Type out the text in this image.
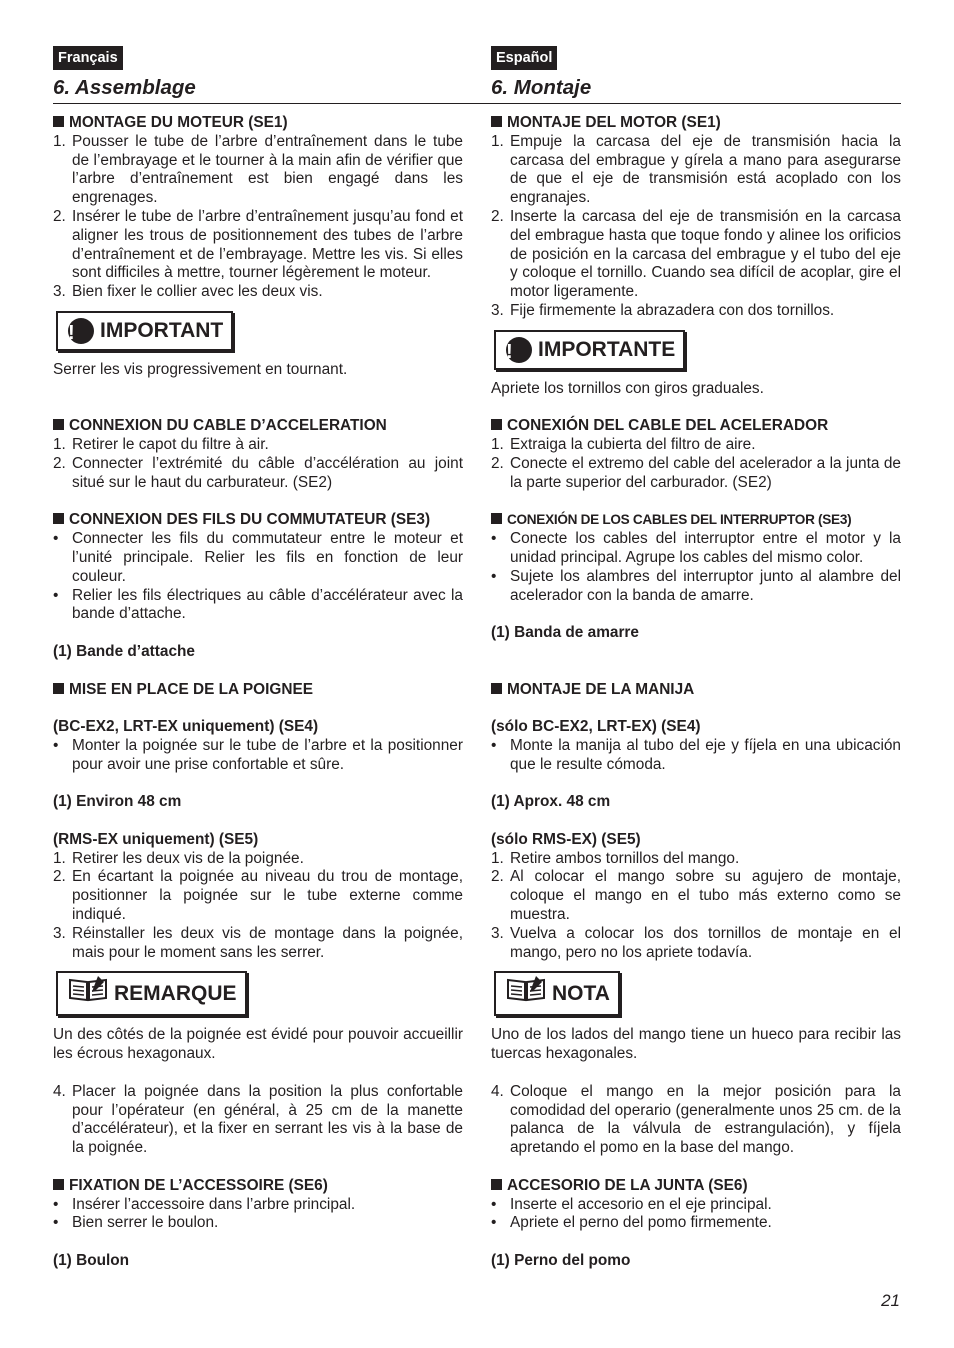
Français
6. Assemblage
MONTAGE DU MOTEUR (SE1)
1. Pousser le tube de l’arbre d’entraînement dans le tube de l’embrayage et le tourner à la main afin de vérifier que l’arbre d’entraînement est bien engagé dans les engrenages.
2. Insérer le tube de l’arbre d’entraînement jusqu’au fond et aligner les trous de positionnement des tubes de l’arbre d’entraînement et de l’embrayage. Mettre les vis. Si elles sont difficiles à mettre, tourner légèrement le moteur.
3. Bien fixer le collier avec les deux vis.
!	IMPORTANT
Serrer les vis progressivement en tournant.
CONNEXION DU CABLE D’ACCELERATION
1. Retirer le capot du filtre à air.
2. Connecter l’extrémité du câble d’accélération au joint situé sur le haut du carburateur. (SE2)
CONNEXION DES FILS DU COMMUTATEUR (SE3)
• Connecter les fils du commutateur entre le moteur et l’unité principale. Relier les fils en fonction de leur couleur.
• Relier les fils électriques au câble d’accélérateur avec la bande d’attache.
(1) Bande d’attache
MISE EN PLACE DE LA POIGNEE
(BC-EX2, LRT-EX uniquement) (SE4)
• Monter la poignée sur le tube de l’arbre et la positionner pour avoir une prise confortable et sûre.
(1) Environ 48 cm
(RMS-EX uniquement) (SE5)
1. Retirer les deux vis de la poignée.
2. En écartant la poignée au niveau du trou de montage, positionner la poignée sur le tube externe comme indiqué.
3. Réinstaller les deux vis de montage dans la poignée, mais pour le moment sans les serrer.
REMARQUE
Un des côtés de la poignée est évidé pour pouvoir accueillir les écrous hexagonaux.
4. Placer la poignée dans la position la plus confortable pour l’opérateur (en général, à 25 cm de la manette d’accélérateur), et la fixer en serrant les vis à la base de la poignée.
FIXATION DE L’ACCESSOIRE (SE6)
• Insérer l’accessoire dans l’arbre principal.
• Bien serrer le boulon.
(1) Boulon
Español
6. Montaje
MONTAJE DEL MOTOR (SE1)
1. Empuje la carcasa del eje de transmisión hacia la carcasa del embrague y gírela a mano para asegurarse de que el eje de transmisión está acoplado con los engranajes.
2. Inserte la carcasa del eje de transmisión en la carcasa del embrague hasta que toque fondo y alinee los orificios de posición en la carcasa del embrague y el tubo del eje y coloque el tornillo. Cuando sea difícil de acoplar, gire el motor ligeramente.
3. Fije firmemente la abrazadera con dos tornillos.
!	IMPORTANTE
Apriete los tornillos con giros graduales.
CONEXIÓN DEL CABLE DEL ACELERADOR
1. Extraiga la cubierta del filtro de aire.
2. Conecte el extremo del cable del acelerador a la junta de la parte superior del carburador. (SE2)
CONEXIÓN DE LOS CABLES DEL INTERRUPTOR (SE3)
• Conecte los cables del interruptor entre el motor y la unidad principal. Agrupe los cables del mismo color.
• Sujete los alambres del interruptor junto al alambre del acelerador con la banda de amarre.
(1) Banda de amarre
MONTAJE DE LA MANIJA
(sólo BC-EX2, LRT-EX) (SE4)
• Monte la manija al tubo del eje y fíjela en una ubicación que le resulte cómoda.
(1) Aprox. 48 cm
(sólo RMS-EX) (SE5)
1. Retire ambos tornillos del mango.
2. Al colocar el mango sobre su agujero de montaje, coloque el mango en el tubo más externo como se muestra.
3. Vuelva a colocar los dos tornillos de montaje en el mango, pero no los apriete todavía.
NOTA
Uno de los lados del mango tiene un hueco para recibir las tuercas hexagonales.
4. Coloque el mango en la mejor posición para la comodidad del operario (generalmente unos 25 cm. de la palanca de la válvula de estrangulación), y fíjela apretando el pomo en la base del mango.
ACCESORIO DE LA JUNTA (SE6)
• Inserte el accesorio en el eje principal.
• Apriete el perno del pomo firmemente.
(1) Perno del pomo
21
